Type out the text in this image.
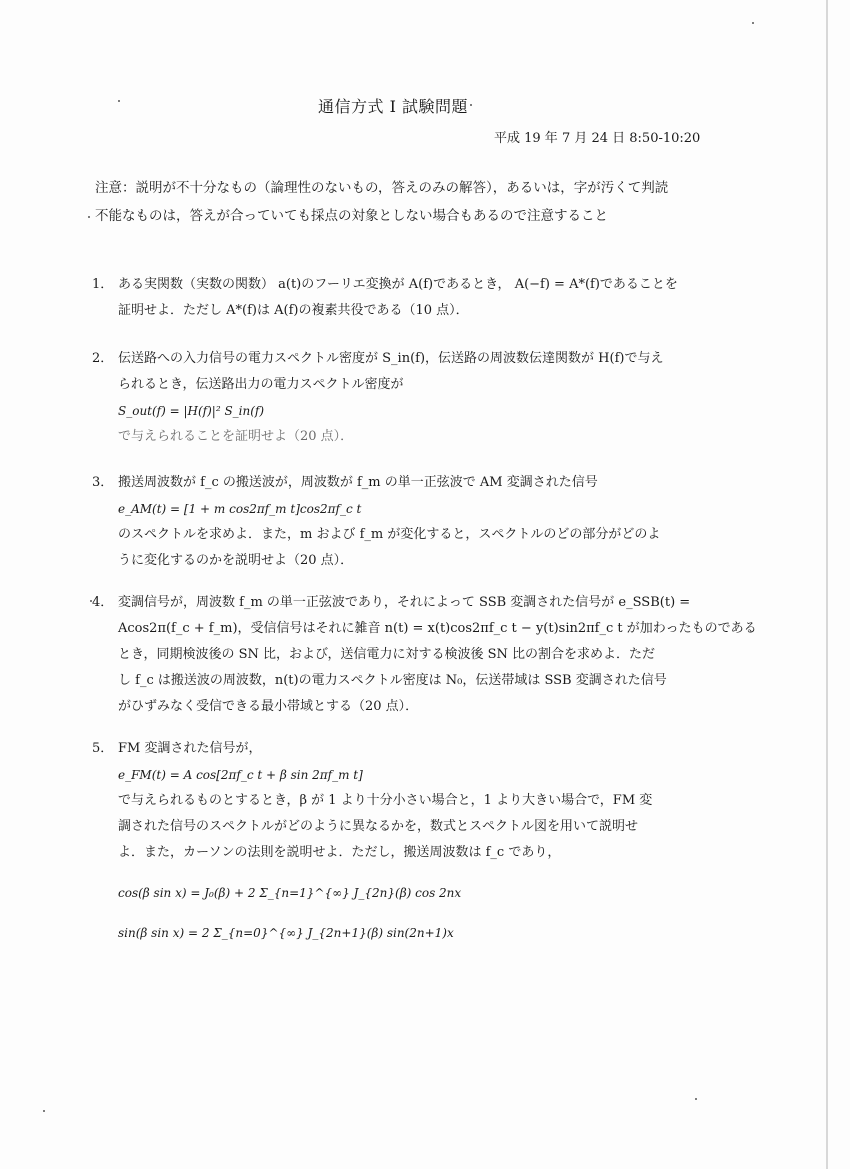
通信方式 I 試験問題
平成 19 年 7 月 24 日 8:50-10:20
注意：説明が不十分なもの（論理性のないもの，答えのみの解答），あるいは，字が汚くて判読
不能なものは，答えが合っていても採点の対象としない場合もあるので注意すること
1． ある実関数（実数の関数） a(t)のフーリエ変換が A(f)であるとき， A(−f) = A*(f)であることを
証明せよ．ただし A*(f)は A(f)の複素共役である（10 点）．
2． 伝送路への入力信号の電力スペクトル密度が S_in(f)，伝送路の周波数伝達関数が H(f)で与え
られるとき，伝送路出力の電力スペクトル密度が
S_out(f) = |H(f)|² S_in(f)
で与えられることを証明せよ（20 点）．
3． 搬送周波数が f_c の搬送波が，周波数が f_m の単一正弦波で AM 変調された信号
e_AM(t) = [1 + m cos2πf_m t]cos2πf_c t
のスペクトルを求めよ．また，m および f_m が変化すると，スペクトルのどの部分がどのよ
うに変化するのかを説明せよ（20 点）．
4． 変調信号が，周波数 f_m の単一正弦波であり，それによって SSB 変調された信号が e_SSB(t) =
Acos2π(f_c + f_m)，受信信号はそれに雑音 n(t) = x(t)cos2πf_c t − y(t)sin2πf_c t が加わったものである
とき，同期検波後の SN 比，および，送信電力に対する検波後 SN 比の割合を求めよ．ただ
し f_c は搬送波の周波数，n(t)の電力スペクトル密度は N₀，伝送帯域は SSB 変調された信号
がひずみなく受信できる最小帯域とする（20 点）．
5． FM 変調された信号が，
e_FM(t) = A cos[2πf_c t + β sin 2πf_m t]
で与えられるものとするとき，β が 1 より十分小さい場合と，1 より大きい場合で，FM 変
調された信号のスペクトルがどのように異なるかを，数式とスペクトル図を用いて説明せ
よ．また，カーソンの法則を説明せよ．ただし，搬送周波数は f_c であり，
cos(β sin x) = J₀(β) + 2 Σ_{n=1}^{∞} J_{2n}(β) cos 2nx
sin(β sin x) = 2 Σ_{n=0}^{∞} J_{2n+1}(β) sin(2n+1)x
